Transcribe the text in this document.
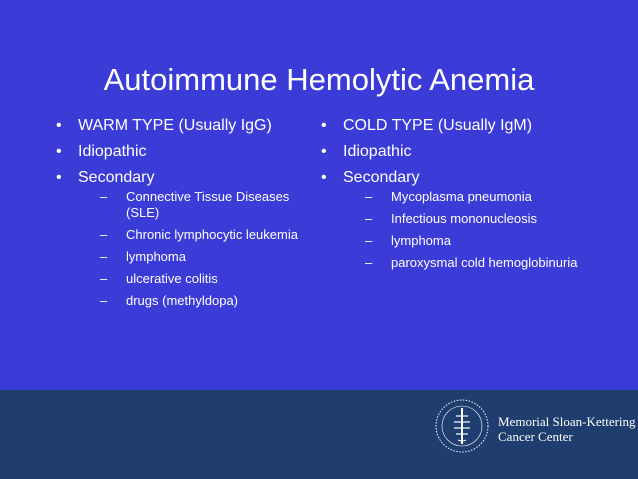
Autoimmune Hemolytic Anemia
• WARM TYPE (Usually IgG)
• Idiopathic
• Secondary
– Connective Tissue Diseases (SLE)
– Chronic lymphocytic leukemia
– lymphoma
– ulcerative colitis
– drugs (methyldopa)
• COLD TYPE (Usually IgM)
• Idiopathic
• Secondary
– Mycoplasma pneumonia
– Infectious mononucleosis
– lymphoma
– paroxysmal cold hemoglobinuria
Memorial Sloan-Kettering
Cancer Center
